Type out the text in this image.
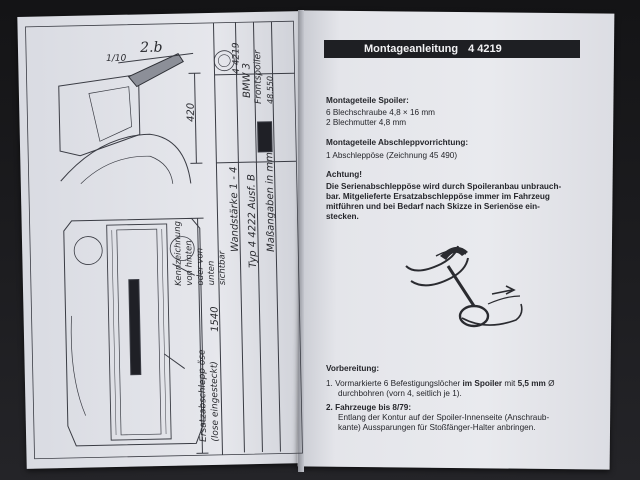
1/10
2.b
420
1540
BMW 3 Frontspoiler
4 4219
48.550
Wandstärke 1 - 4 Typ 4 4222 Ausf. B Maßangaben in mm
Kennzeichnung von hinten oder von unten sichtbar
Ersatzabschlepp öse (lose eingesteckt)
Montageanleitung 4 4219

Montageteile Spoiler:

6 Blechschraube 4,8 × 16 mm

2 Blechmutter 4,8 mm

Montageteile Abschleppvorrichtung:

1 Abschleppöse (Zeichnung 45 490)

Achtung!

Die Serienabschleppöse wird durch Spoileranbau unbrauch-

bar. Mitgelieferte Ersatzabschleppöse immer im Fahrzeug

mitführen und bei Bedarf nach Skizze in Serienöse ein-

stecken.

Vorbereitung:

1. Vormarkierte 6 Befestigungslöcher im Spoiler mit 5,5 mm Ø

durchbohren (vorn 4, seitlich je 1).

2. Fahrzeuge bis 8/79:

Entlang der Kontur auf der Spoiler-Innenseite (Anschraub-

kante) Aussparungen für Stoßfänger-Halter anbringen.
